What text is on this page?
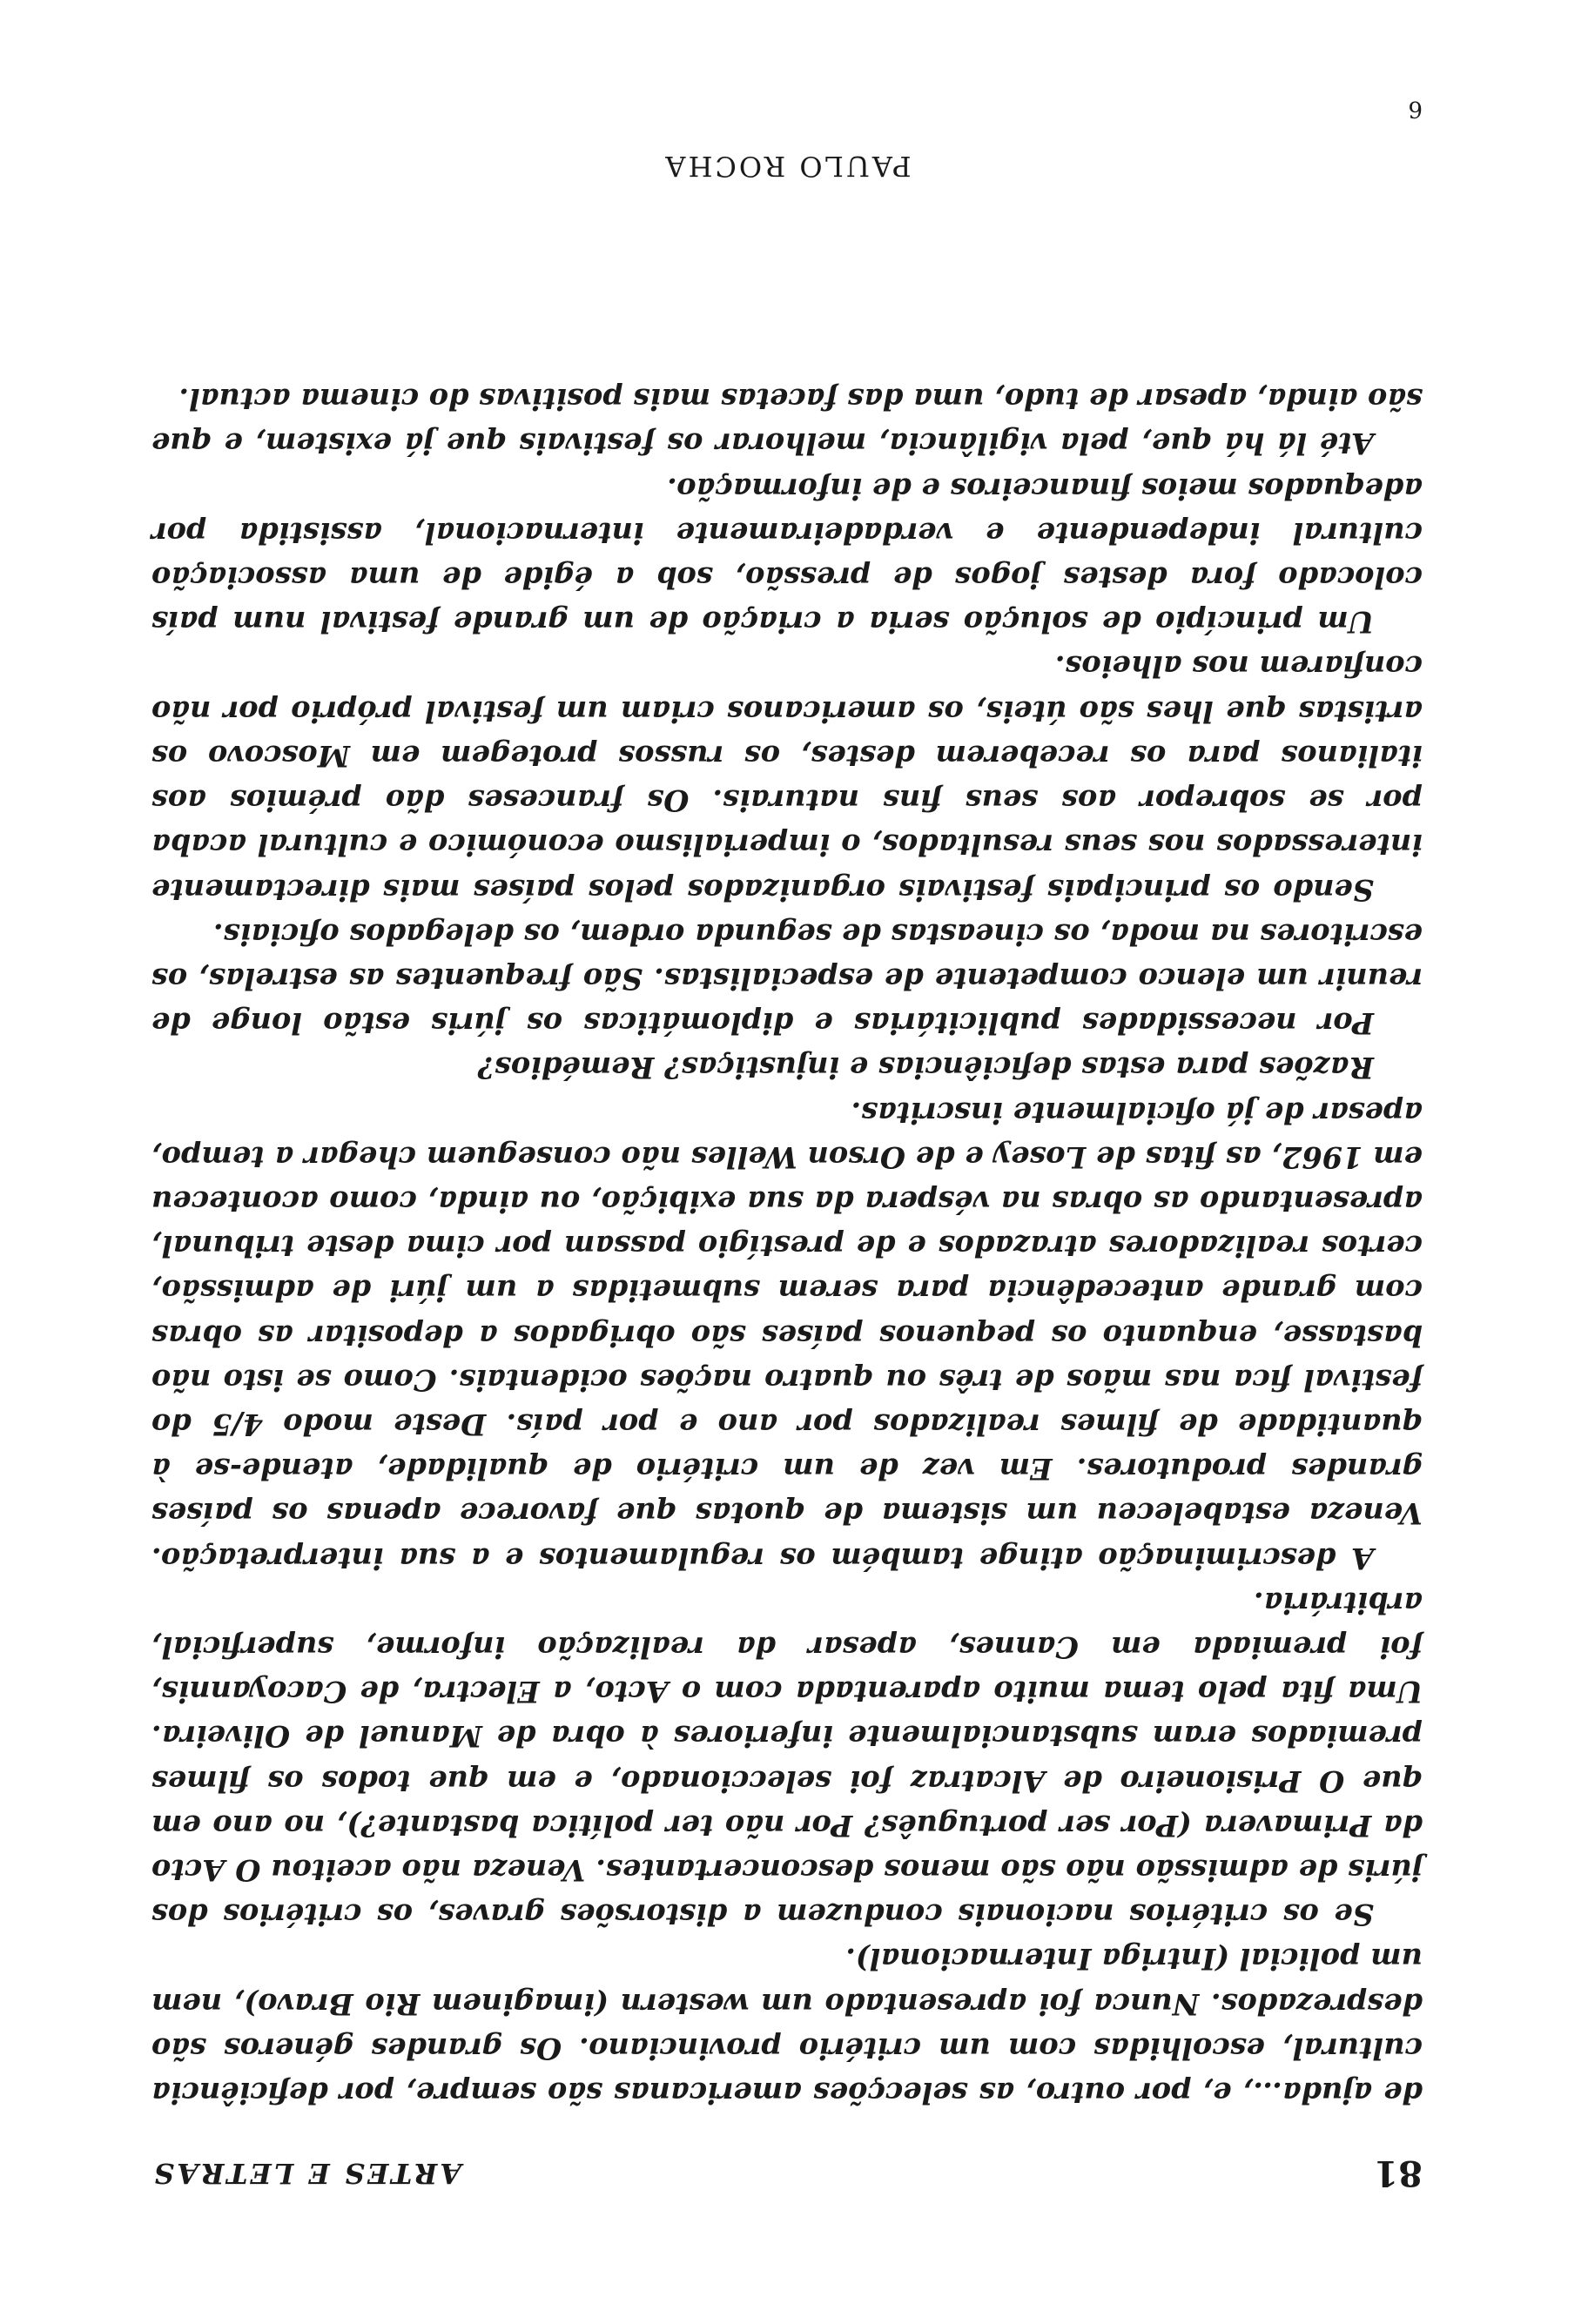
81
ARTES E LETRAS

de ajuda…, e, por outro, as selecções americanas são sempre, por deficiência cultural, escolhidas com um critério provinciano. Os grandes géneros são desprezados. Nunca foi apresentado um western (imaginem Rio Bravo), nem um policial (Intriga Internacional).

Se os critérios nacionais conduzem a distorsões graves, os critérios dos júris de admissão não são menos desconcertantes. Veneza não aceitou O Acto da Primavera (Por ser português? Por não ter política bastante?), no ano em que O Prisioneiro de Alcatraz foi seleccionado, e em que todos os filmes premiados eram substancialmente inferiores à obra de Manuel de Oliveira. Uma fita pelo tema muito aparentada com o Acto, a Electra, de Cacoyannis, foi premiada em Cannes, apesar da realização informe, superficial, arbitrária.

A descriminação atinge também os regulamentos e a sua interpretação. Veneza estabeleceu um sistema de quotas que favorece apenas os países grandes produtores. Em vez de um critério de qualidade, atende-se à quantidade de filmes realizados por ano e por país. Deste modo 4/5 do festival fica nas mãos de três ou quatro nações ocidentais. Como se isto não bastasse, enquanto os pequenos países são obrigados a depositar as obras com grande antecedência para serem submetidas a um júri de admissão, certos realizadores atrazados e de prestígio passam por cima deste tribunal, apresentando as obras na véspera da sua exibição, ou ainda, como aconteceu em 1962, as fitas de Losey e de Orson Welles não conseguem chegar a tempo, apesar de já oficialmente inscritas.

Razões para estas deficiências e injustiças? Remédios?

Por necessidades publicitárias e diplomáticas os júris estão longe de reunir um elenco competente de especialistas. São frequentes as estrelas, os escritores na moda, os cineastas de segunda ordem, os delegados oficiais.

Sendo os principais festivais organizados pelos países mais directamente interessados nos seus resultados, o imperialismo económico e cultural acaba por se sobrepor aos seus fins naturais. Os franceses dão prémios aos italianos para os receberem destes, os russos protegem em Moscovo os artistas que lhes são úteis, os americanos criam um festival próprio por não confiarem nos alheios.

Um princípio de solução seria a criação de um grande festival num país colocado fora destes jogos de pressão, sob a égide de uma associação cultural independente e verdadeiramente internacional, assistida por adequados meios financeiros e de informação.

Até lá há que, pela vigilância, melhorar os festivais que já existem, e que são ainda, apesar de tudo, uma das facetas mais positivas do cinema actual.

PAULO ROCHA
6
